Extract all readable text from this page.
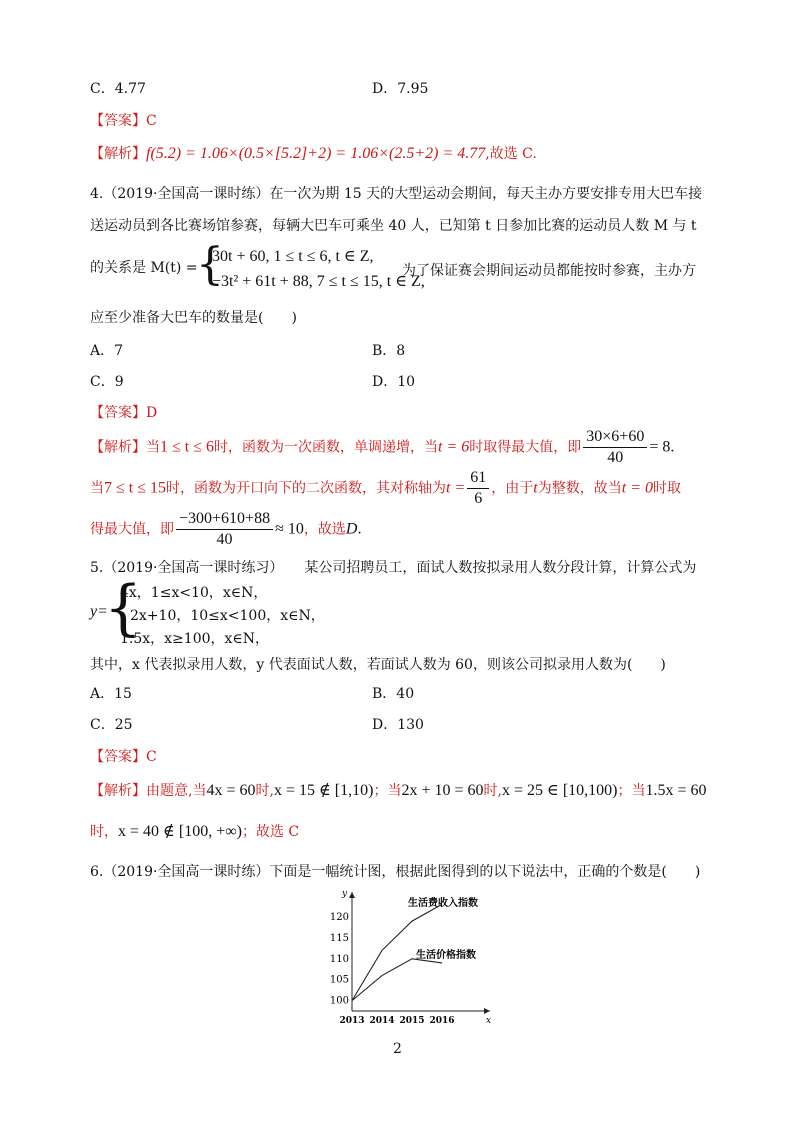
C．4.77	D．7.95
【答案】C
【解析】f(5.2) = 1.06×(0.5×[5.2]+2) = 1.06×(2.5+2) = 4.77,故选 C.
4.（2019·全国高一课时练）在一次为期 15 天的大型运动会期间，每天主办方要安排专用大巴车接
送运动员到各比赛场馆参赛，每辆大巴车可乘坐 40 人，已知第 t 日参加比赛的运动员人数 M 与 t
的关系是 M(t) =
{
30t + 60, 1 ≤ t ≤ 6, t ∈ Z,
−3t² + 61t + 88, 7 ≤ t ≤ 15, t ∈ Z,
为了保证赛会期间运动员都能按时参赛，主办方
应至少准备大巴车的数量是(　　)
A．7	B．8
C．9	D．10
【答案】D
【解析】当1 ≤ t ≤ 6时，函数为一次函数，单调递增，当t = 6时取得最大值，即 $\frac{30\times 6+60}{40} = 8$.
当7 ≤ t ≤ 15时，函数为开口向下的二次函数，其对称轴为$t = \frac{61}{6}$ ，由于t为整数，故当t = 0时取
得最大值，即 $\frac{-300+610+88}{40} \approx 10$，故选D.
5.（2019·全国高一课时练习）　　某公司招聘员工，面试人数按拟录用人数分段计算，计算公式为
y=
{
4x，1≤x<10，x∈N，
2x+10，10≤x<100，x∈N，
1.5x，x≥100，x∈N，
其中，x 代表拟录用人数，y 代表面试人数，若面试人数为 60，则该公司拟录用人数为(　　)
A．15	B．40
C．25	D．130
【答案】C
【解析】由题意,当4x = 60时,x = 15 ∉ [1,10)；当2x + 10 = 60时,x = 25 ∈ [10,100)；当1.5x = 60
时，x = 40 ∉ [100, +∞)；故选 C
6.（2019·全国高一课时练）下面是一幅统计图，根据此图得到的以下说法中，正确的个数是(　　)
y
x
100
105
110
115
120
2013 2014 2015 2016
生活费收入指数
生活价格指数
2
